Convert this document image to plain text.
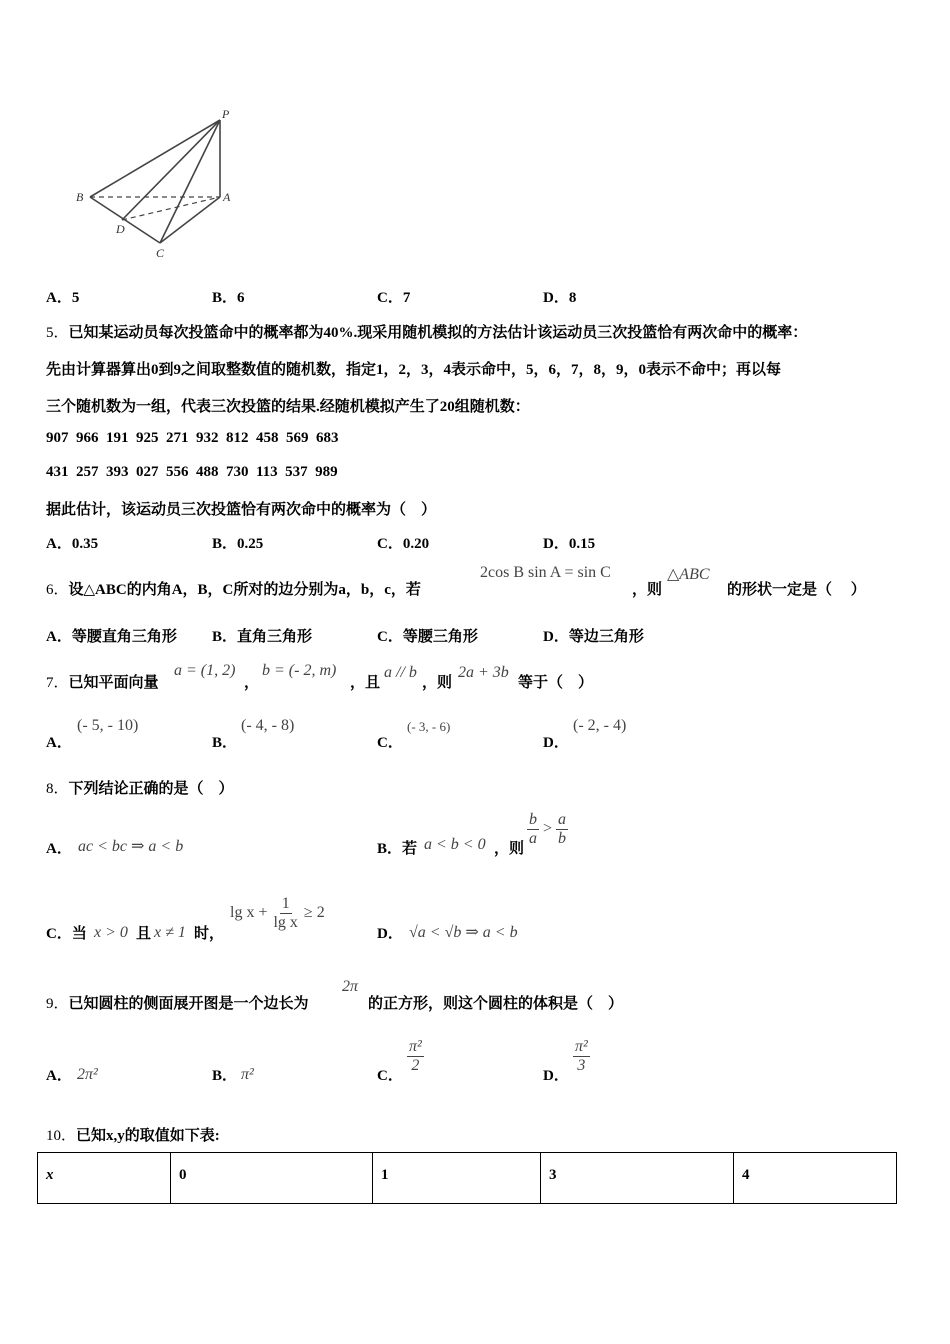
P
B	A
D
C
A．5	B．6	C．7	D．8
5．已知某运动员每次投篮命中的概率都为40%.现采用随机模拟的方法估计该运动员三次投篮恰有两次命中的概率：
先由计算器算出0到9之间取整数值的随机数，指定1，2，3，4表示命中，5，6，7，8，9，0表示不命中；再以每
三个随机数为一组，代表三次投篮的结果.经随机模拟产生了20组随机数：
907  966  191  925  271  932  812  458  569  683
431  257  393  027  556  488  730  113  537  989
据此估计，该运动员三次投篮恰有两次命中的概率为（    ）
A．0.35	B．0.25	C．0.20	D．0.15
6．设△ABC的内角A，B，C所对的边分别为a，b，c，若
2cos B sin A = sin C
，则
△ABC
的形状一定是（     ）
A．等腰直角三角形 B．直角三角形	C．等腰三角形	D．等边三角形
7．已知平面向量
a = (1, 2)
，
b = (- 2, m)
，且
a // b
，则
2a + 3b
等于（    ）
A．
(- 5, - 10)
B．
(- 4, - 8)
C．
(- 3, - 6)
D．
(- 2, - 4)
8．下列结论正确的是（    ）
A． ac < bc ⇒ a < b	B．若 a < b < 0 ，则
$\frac{b}{a} > \frac{a}{b}$
C．当 x > 0 且 x ≠ 1 时，
$\lg x + \frac{1}{\text{lg x}} \ge 2$
D． √a < √b ⇒ a < b
9．已知圆柱的侧面展开图是一个边长为
2π
的正方形，则这个圆柱的体积是（    ）
A． 2π²	B． π²	C．
$\frac{\text{π²}}{2}$
D．
$\frac{\text{π²}}{3}$
10．已知x,y的取值如下表:
x	0	1	3	4
